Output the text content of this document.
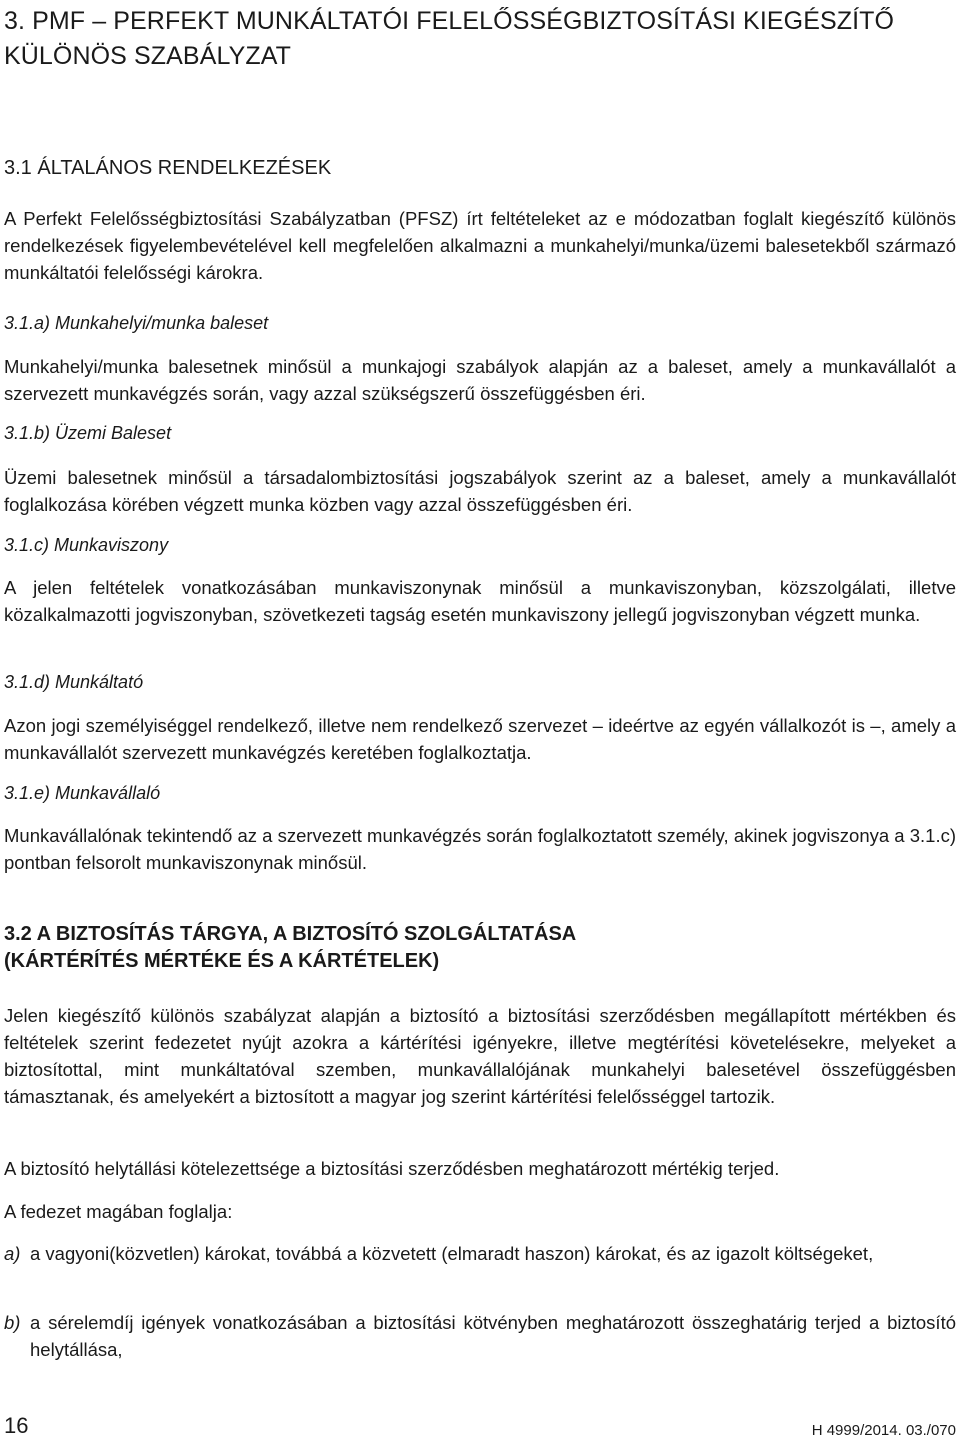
3. PMF – PERFEKT MUNKÁLTATÓI FELELŐSSÉGBIZTOSÍTÁSI KIEGÉSZÍTŐ KÜLÖNÖS SZABÁLYZAT
3.1 ÁLTALÁNOS RENDELKEZÉSEK

A Perfekt Felelősségbiztosítási Szabályzatban (PFSZ) írt feltételeket az e módozatban foglalt kiegészítő különös rendelkezések figyelembevételével kell megfelelően alkalmazni a munkahelyi/munka/üzemi balesetekből származó munkáltatói felelősségi károkra.

3.1.a) Munkahelyi/munka baleset

Munkahelyi/munka balesetnek minősül a munkajogi szabályok alapján az a baleset, amely a munkavállalót a szervezett munkavégzés során, vagy azzal szükségszerű összefüggésben éri.

3.1.b) Üzemi Baleset

Üzemi balesetnek minősül a társadalombiztosítási jogszabályok szerint az a baleset, amely a munkavállalót foglalkozása körében végzett munka közben vagy azzal összefüggésben éri.

3.1.c) Munkaviszony

A jelen feltételek vonatkozásában munkaviszonynak minősül a munkaviszonyban, közszolgálati, illetve közalkalmazotti jogviszonyban, szövetkezeti tagság esetén munkaviszony jellegű jogviszonyban végzett munka.

3.1.d) Munkáltató

Azon jogi személyiséggel rendelkező, illetve nem rendelkező szervezet – ideértve az egyén vállalkozót is –, amely a munkavállalót szervezett munkavégzés keretében foglalkoztatja.

3.1.e) Munkavállaló

Munkavállalónak tekintendő az a szervezett munkavégzés során foglalkoztatott személy, akinek jogviszonya a 3.1.c) pontban felsorolt munkaviszonynak minősül.

3.2 A BIZTOSÍTÁS TÁRGYA, A BIZTOSÍTÓ SZOLGÁLTATÁSA
(KÁRTÉRÍTÉS MÉRTÉKE ÉS A KÁRTÉTELEK)

Jelen kiegészítő különös szabályzat alapján a biztosító a biztosítási szerződésben megállapított mértékben és feltételek szerint fedezetet nyújt azokra a kártérítési igényekre, illetve megtérítési követelésekre, melyeket a biztosítottal, mint munkáltatóval szemben, munkavállalójának munkahelyi balesetével összefüggésben támasztanak, és amelyekért a biztosított a magyar jog szerint kártérítési felelősséggel tartozik.

A biztosító helytállási kötelezettsége a biztosítási szerződésben meghatározott mértékig terjed.

A fedezet magában foglalja:

a) a vagyoni(közvetlen) károkat, továbbá a közvetett (elmaradt haszon) károkat, és az igazolt költségeket,
b) a sérelemdíj igények vonatkozásában a biztosítási kötvényben meghatározott összeghatárig terjed a biztosító helytállása,
16	H 4999/2014. 03./070
